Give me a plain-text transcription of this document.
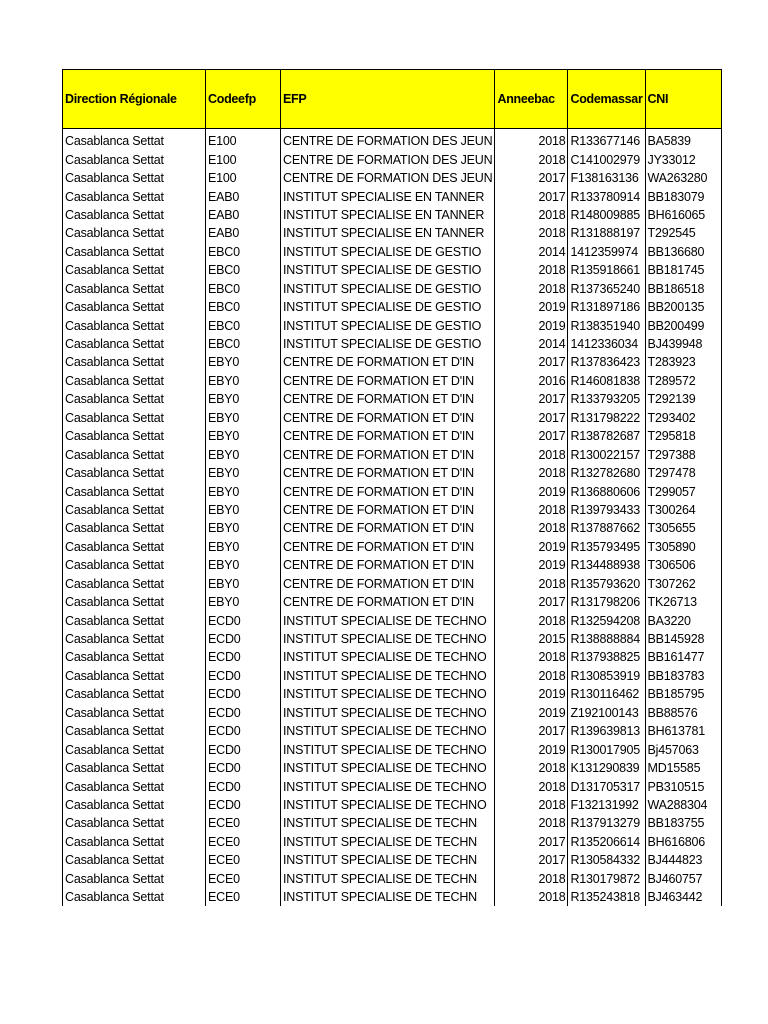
Direction Régionale	Codeefp	EFP	Anneebac	Codemassar	CNI
Casablanca Settat	E100	CENTRE DE FORMATION DES JEUN	2018	R133677146	BA5839
Casablanca Settat	E100	CENTRE DE FORMATION DES JEUN	2018	C141002979	JY33012
Casablanca Settat	E100	CENTRE DE FORMATION DES JEUN	2017	F138163136	WA263280
Casablanca Settat	EAB0	INSTITUT SPECIALISE EN TANNER	2017	R133780914	BB183079
Casablanca Settat	EAB0	INSTITUT SPECIALISE EN TANNER	2018	R148009885	BH616065
Casablanca Settat	EAB0	INSTITUT SPECIALISE EN TANNER	2018	R131888197	T292545
Casablanca Settat	EBC0	INSTITUT SPECIALISE DE GESTIO	2014	1412359974	BB136680
Casablanca Settat	EBC0	INSTITUT SPECIALISE DE GESTIO	2018	R135918661	BB181745
Casablanca Settat	EBC0	INSTITUT SPECIALISE DE GESTIO	2018	R137365240	BB186518
Casablanca Settat	EBC0	INSTITUT SPECIALISE DE GESTIO	2019	R131897186	BB200135
Casablanca Settat	EBC0	INSTITUT SPECIALISE DE GESTIO	2019	R138351940	BB200499
Casablanca Settat	EBC0	INSTITUT SPECIALISE DE GESTIO	2014	1412336034	BJ439948
Casablanca Settat	EBY0	CENTRE DE FORMATION ET D'IN	2017	R137836423	T283923
Casablanca Settat	EBY0	CENTRE DE FORMATION ET D'IN	2016	R146081838	T289572
Casablanca Settat	EBY0	CENTRE DE FORMATION ET D'IN	2017	R133793205	T292139
Casablanca Settat	EBY0	CENTRE DE FORMATION ET D'IN	2017	R131798222	T293402
Casablanca Settat	EBY0	CENTRE DE FORMATION ET D'IN	2017	R138782687	T295818
Casablanca Settat	EBY0	CENTRE DE FORMATION ET D'IN	2018	R130022157	T297388
Casablanca Settat	EBY0	CENTRE DE FORMATION ET D'IN	2018	R132782680	T297478
Casablanca Settat	EBY0	CENTRE DE FORMATION ET D'IN	2019	R136880606	T299057
Casablanca Settat	EBY0	CENTRE DE FORMATION ET D'IN	2018	R139793433	T300264
Casablanca Settat	EBY0	CENTRE DE FORMATION ET D'IN	2018	R137887662	T305655
Casablanca Settat	EBY0	CENTRE DE FORMATION ET D'IN	2019	R135793495	T305890
Casablanca Settat	EBY0	CENTRE DE FORMATION ET D'IN	2019	R134488938	T306506
Casablanca Settat	EBY0	CENTRE DE FORMATION ET D'IN	2018	R135793620	T307262
Casablanca Settat	EBY0	CENTRE DE FORMATION ET D'IN	2017	R131798206	TK26713
Casablanca Settat	ECD0	INSTITUT SPECIALISE DE TECHNO	2018	R132594208	BA3220
Casablanca Settat	ECD0	INSTITUT SPECIALISE DE TECHNO	2015	R138888884	BB145928
Casablanca Settat	ECD0	INSTITUT SPECIALISE DE TECHNO	2018	R137938825	BB161477
Casablanca Settat	ECD0	INSTITUT SPECIALISE DE TECHNO	2018	R130853919	BB183783
Casablanca Settat	ECD0	INSTITUT SPECIALISE DE TECHNO	2019	R130116462	BB185795
Casablanca Settat	ECD0	INSTITUT SPECIALISE DE TECHNO	2019	Z192100143	BB88576
Casablanca Settat	ECD0	INSTITUT SPECIALISE DE TECHNO	2017	R139639813	BH613781
Casablanca Settat	ECD0	INSTITUT SPECIALISE DE TECHNO	2019	R130017905	Bj457063
Casablanca Settat	ECD0	INSTITUT SPECIALISE DE TECHNO	2018	K131290839	MD15585
Casablanca Settat	ECD0	INSTITUT SPECIALISE DE TECHNO	2018	D131705317	PB310515
Casablanca Settat	ECD0	INSTITUT SPECIALISE DE TECHNO	2018	F132131992	WA288304
Casablanca Settat	ECE0	INSTITUT SPECIALISE DE TECHN	2018	R137913279	BB183755
Casablanca Settat	ECE0	INSTITUT SPECIALISE DE TECHN	2017	R135206614	BH616806
Casablanca Settat	ECE0	INSTITUT SPECIALISE DE TECHN	2017	R130584332	BJ444823
Casablanca Settat	ECE0	INSTITUT SPECIALISE DE TECHN	2018	R130179872	BJ460757
Casablanca Settat	ECE0	INSTITUT SPECIALISE DE TECHN	2018	R135243818	BJ463442
